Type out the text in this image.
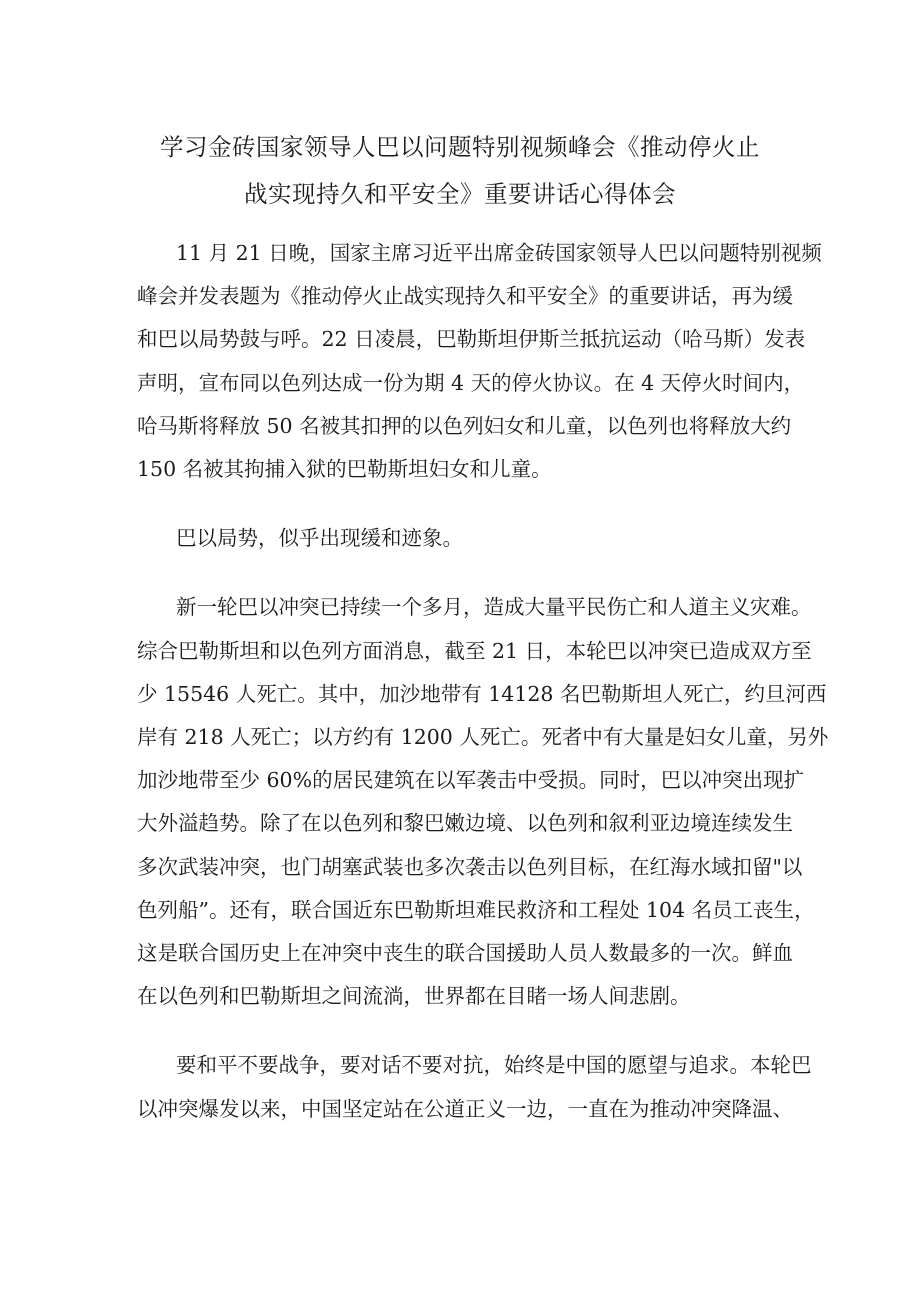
学习金砖国家领导人巴以问题特别视频峰会《推动停火止
战实现持久和平安全》重要讲话心得体会

11 月 21 日晚，国家主席习近平出席金砖国家领导人巴以问题特别视频
峰会并发表题为《推动停火止战实现持久和平安全》的重要讲话，再为缓
和巴以局势鼓与呼。22 日凌晨，巴勒斯坦伊斯兰抵抗运动（哈马斯）发表
声明，宣布同以色列达成一份为期 4 天的停火协议。在 4 天停火时间内，
哈马斯将释放 50 名被其扣押的以色列妇女和儿童，以色列也将释放大约
150 名被其拘捕入狱的巴勒斯坦妇女和儿童。

巴以局势，似乎出现缓和迹象。

新一轮巴以冲突已持续一个多月，造成大量平民伤亡和人道主义灾难。
综合巴勒斯坦和以色列方面消息，截至 21 日，本轮巴以冲突已造成双方至
少 15546 人死亡。其中，加沙地带有 14128 名巴勒斯坦人死亡，约旦河西
岸有 218 人死亡；以方约有 1200 人死亡。死者中有大量是妇女儿童，另外
加沙地带至少 60%的居民建筑在以军袭击中受损。同时，巴以冲突出现扩
大外溢趋势。除了在以色列和黎巴嫩边境、以色列和叙利亚边境连续发生
多次武装冲突，也门胡塞武装也多次袭击以色列目标，在红海水域扣留"以
色列船”。还有，联合国近东巴勒斯坦难民救济和工程处 104 名员工丧生，
这是联合国历史上在冲突中丧生的联合国援助人员人数最多的一次。鲜血
在以色列和巴勒斯坦之间流淌，世界都在目睹一场人间悲剧。

要和平不要战争，要对话不要对抗，始终是中国的愿望与追求。本轮巴
以冲突爆发以来，中国坚定站在公道正义一边，一直在为推动冲突降温、
